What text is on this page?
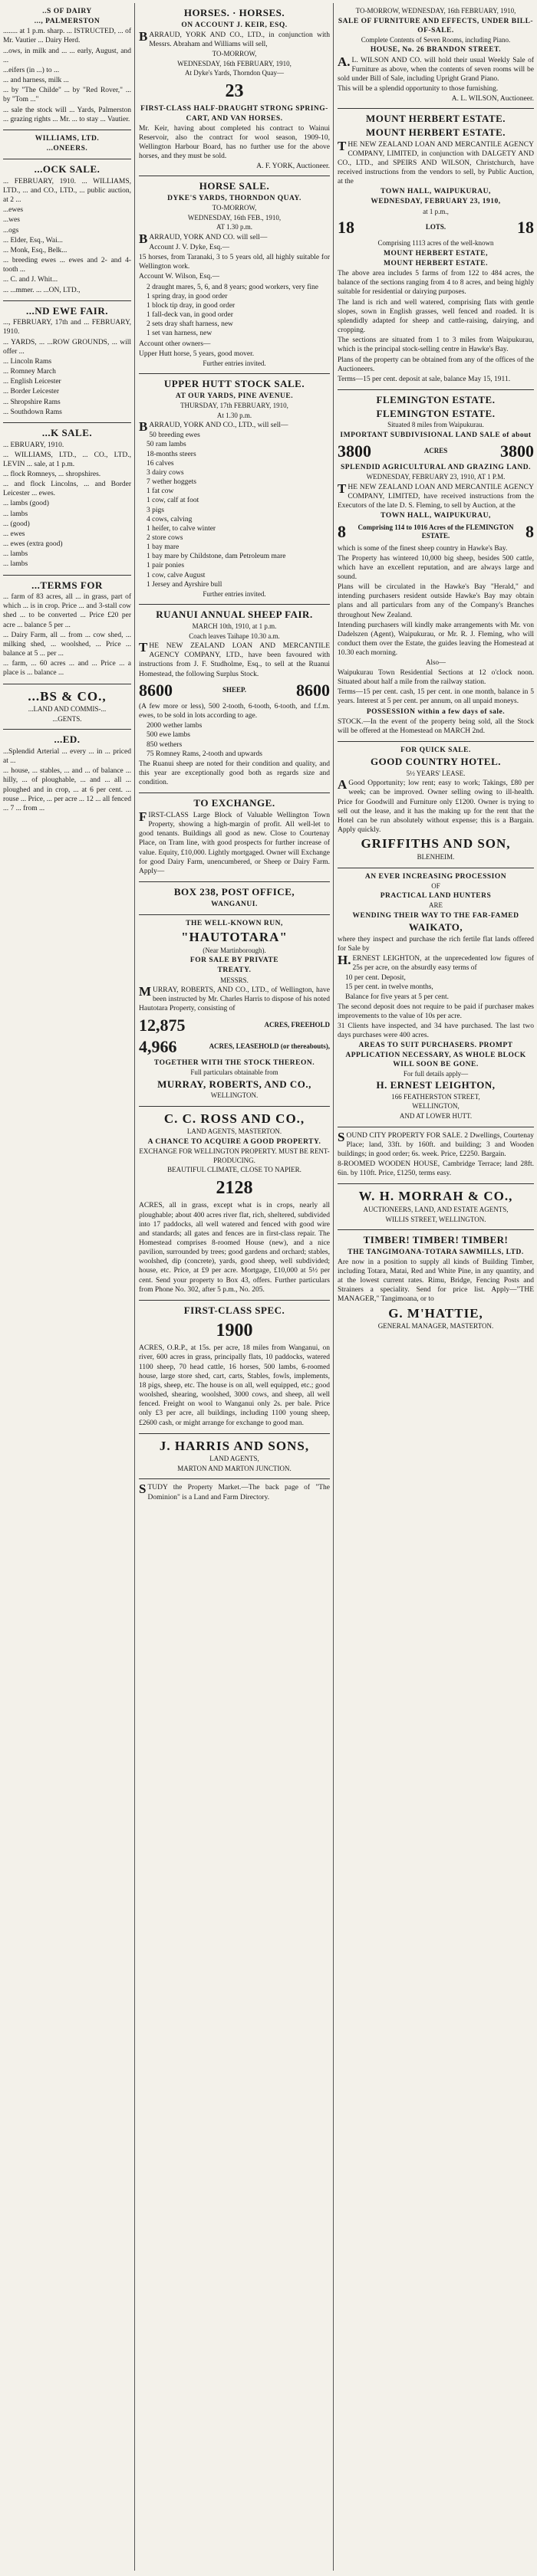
..S OF DAIRY
..., PALMERSTON
........ at 1 p.m. sharp. ... ISTRUCTED, ... of Mr. Vautier ... Dairy Herd.
...ows, in milk and ... ... early, August, and ...
...eifers (in ...) to ...
... and harness, milk ...
... by "The Childe" ... by "Red Rover," ... by "Tom ..."
... sale the stock will ... Yards, Palmerston ... grazing rights ... Mr. ... to stay ... Vautier.
WILLIAMS, LTD.
...ONEERS.
...OCK SALE.
... FEBRUARY, 1910. ... WILLIAMS, LTD., ... and CO., LTD., ... public auction, at 2 ...
...ewes
...wes
...ogs
... Elder, Esq., Wai...
... Monk, Esq., Belk...
... breeding ewes ... ewes and 2- and 4-tooth ...
... C. and J. Whit...
... ...mmer. ... ...ON, LTD.,
...ND EWE FAIR.
..., FEBRUARY, 17th and ... FEBRUARY, 1910.
... YARDS, ... ...ROW GROUNDS, ... will offer ...
... Lincoln Rams
... Romney March
... English Leicester
... Border Leicester
... Shropshire Rams
... Southdown Rams
...K SALE.
... EBRUARY, 1910.
... WILLIAMS, LTD., ... CO., LTD., LEVIN ... sale, at 1 p.m.
... flock Romneys, ... shropshires.
... and flock Lincolns, ... and Border Leicester ... ewes.
... lambs (good)
... lambs
... (good)
... ewes
... ewes (extra good)
... lambs
... lambs
...TERMS FOR
... farm of 83 acres, all ... in grass, part of which ... is in crop. Price ... and 3-stall cow shed ... to be converted ... Price £20 per acre ... balance 5 per ...
... Dairy Farm, all ... from ... cow shed, ... milking shed, ... woolshed, ... Price ... balance at 5 ... per ...
... farm, ... 60 acres ... and ... Price ... a place is ... balance ...
...BS & CO.,
...LAND AND COMMIS-...
...GENTS.
...ED.
...Splendid Arterial ... every ... in ... priced at ...
... house, ... stables, ... and ... of balance ... hilly, ... of ploughable, ... and ... all ... ploughed and in crop, ... at 6 per cent. ... rouse ... Price, ... per acre ... 12 ... all fenced ... 7 ... from ...
HORSES. · HORSES.
ON ACCOUNT J. KEIR, ESQ.
BARRAUD, YORK AND CO., LTD., in conjunction with Messrs. Abraham and Williams will sell,
TO-MORROW,
WEDNESDAY, 16th FEBRUARY, 1910,
At Dyke's Yards, Thorndon Quay—
23
FIRST-CLASS HALF-DRAUGHT STRONG SPRING-CART, AND VAN HORSES.
Mr. Keir, having about completed his contract to Wainui Reservoir, also the contract for wool season, 1909-10, Wellington Harbour Board, has no further use for the above horses, and they must be sold.
A. F. YORK, Auctioneer.
HORSE SALE.
DYKE'S YARDS, THORNDON QUAY.
TO-MORROW,
WEDNESDAY, 16th FEB., 1910,
AT 1.30 p.m.
BARRAUD, YORK AND CO. will sell—
Account J. V. Dyke, Esq.—
15 horses, from Taranaki, 3 to 5 years old, all highly suitable for Wellington work.
Account W. Wilson, Esq.—
2 draught mares, 5, 6, and 8 years; good workers, very fine
1 spring dray, in good order
1 block tip dray, in good order
1 fall-deck van, in good order
2 sets dray shaft harness, new
1 set van harness, new
Account other owners—
Upper Hutt horse, 5 years, good mover.
Further entries invited.
UPPER HUTT STOCK SALE.
AT OUR YARDS, PINE AVENUE.
THURSDAY, 17th FEBRUARY, 1910,
At 1.30 p.m.
BARRAUD, YORK AND CO., LTD., will sell—
50 breeding ewes
50 ram lambs
18-months steers
16 calves
3 dairy cows
7 wether hoggets
1 fat cow
1 cow, calf at foot
3 pigs
4 cows, calving
1 heifer, to calve winter
2 store cows
1 bay mare
1 bay mare by Childstone, dam Petroleum mare
1 pair ponies
1 cow, calve August
1 Jersey and Ayrshire bull
Further entries invited.
RUANUI ANNUAL SHEEP FAIR.
MARCH 10th, 1910, at 1 p.m.
Coach leaves Taihape 10.30 a.m.
THE NEW ZEALAND LOAN AND MERCANTILE AGENCY COMPANY, LTD., have been favoured with instructions from J. F. Studholme, Esq., to sell at the Ruanui Homestead, the following Surplus Stock.
8600	SHEEP.	8600
(A few more or less), 500 2-tooth, 6-tooth, 6-tooth, and f.f.m. ewes, to be sold in lots according to age.
2000 wether lambs
500 ewe lambs
850 wethers
75 Romney Rams, 2-tooth and upwards
The Ruanui sheep are noted for their condition and quality, and this year are exceptionally good both as regards size and condition.
TO EXCHANGE.
FIRST-CLASS Large Block of Valuable Wellington Town Property, showing a high-margin of profit. All well-let to good tenants. Buildings all good as new. Close to Courtenay Place, on Tram line, with good prospects for further increase of value. Equity, £10,000. Lightly mortgaged. Owner will Exchange for good Dairy Farm, unencumbered, or Sheep or Dairy Farm. Apply—
BOX 238, POST OFFICE,
WANGANUI.
THE WELL-KNOWN RUN,
"HAUTOTARA"
(Near Martinborough).
FOR SALE BY PRIVATE
TREATY.
MESSRS.
MURRAY, ROBERTS, AND CO., LTD., of Wellington, have been instructed by Mr. Charles Harris to dispose of his noted Hautotara Property, consisting of
12,875	ACRES, FREEHOLD
4,966	ACRES, LEASEHOLD (or thereabouts),
TOGETHER WITH THE STOCK THEREON.
Full particulars obtainable from
MURRAY, ROBERTS, AND CO.,
WELLINGTON.
C. C. ROSS AND CO.,
LAND AGENTS, MASTERTON.
A CHANCE TO ACQUIRE A GOOD PROPERTY.
EXCHANGE FOR WELLINGTON PROPERTY. MUST BE RENT-PRODUCING.
BEAUTIFUL CLIMATE, CLOSE TO NAPIER.
2128
ACRES, all in grass, except what is in crops, nearly all ploughable; about 400 acres river flat, rich, sheltered, subdivided into 17 paddocks, all well watered and fenced with good wire and standards; all gates and fences are in first-class repair. The Homestead comprises 8-roomed House (new), and a nice pavilion, surrounded by trees; good gardens and orchard; stables, woolshed, dip (concrete), yards, good sheep, well subdivided; house, etc. Price, at £9 per acre. Mortgage, £10,000 at 5½ per cent. Send your property to Box 43, offers. Further particulars from Phone No. 302, after 5 p.m., No. 205.
FIRST-CLASS SPEC.
1900
ACRES, O.R.P., at 15s. per acre, 18 miles from Wanganui, on river, 600 acres in grass, principally flats, 10 paddocks, watered 1100 sheep, 70 head cattle, 16 horses, 500 lambs, 6-roomed house, large store shed, cart, carts, Stables, fowls, implements, 18 pigs, sheep, etc. The house is on all, well equipped, etc.; good woolshed, shearing, woolshed, 3000 cows, and sheep, all well fenced. Freight on wool to Wanganui only 2s. per bale. Price only £3 per acre, all buildings, including 1100 young sheep, £2600 cash, or might arrange for exchange to good man.
J. HARRIS AND SONS,
LAND AGENTS,
MARTON AND MARTON JUNCTION.
STUDY the Property Market.—The back page of "The Dominion" is a Land and Farm Directory.
TO-MORROW, WEDNESDAY, 16th FEBRUARY, 1910,
SALE OF FURNITURE AND EFFECTS, UNDER BILL-OF-SALE.
Complete Contents of Seven Rooms, including Piano.
HOUSE, No. 26 BRANDON STREET.
A.L. WILSON AND CO. will hold their usual Weekly Sale of Furniture as above, when the contents of seven rooms will be sold under Bill of Sale, including Upright Grand Piano.
This will be a splendid opportunity to those furnishing.
A. L. WILSON, Auctioneer.
MOUNT HERBERT ESTATE.
MOUNT HERBERT ESTATE.
THE NEW ZEALAND LOAN AND MERCANTILE AGENCY COMPANY, LIMITED, in conjunction with DALGETY AND CO., LTD., and SPEIRS AND WILSON, Christchurch, have received instructions from the vendors to sell, by Public Auction, at the
TOWN HALL, WAIPUKURAU,
WEDNESDAY, FEBRUARY 23, 1910,
at 1 p.m.,
18	LOTS.	18
Comprising 1113 acres of the well-known
MOUNT HERBERT ESTATE,
MOUNT HERBERT ESTATE.
The above area includes 5 farms of from 122 to 484 acres, the balance of the sections ranging from 4 to 8 acres, and being highly suitable for residential or dairying purposes.
The land is rich and well watered, comprising flats with gentle slopes, sown in English grasses, well fenced and roaded. It is splendidly adapted for sheep and cattle-raising, dairying, and cropping.
The sections are situated from 1 to 3 miles from Waipukurau, which is the principal stock-selling centre in Hawke's Bay.
Plans of the property can be obtained from any of the offices of the Auctioneers.
Terms—15 per cent. deposit at sale, balance May 15, 1911.
FLEMINGTON ESTATE.
FLEMINGTON ESTATE.
Situated 8 miles from Waipukurau.
IMPORTANT SUBDIVISIONAL LAND SALE of about
3800	ACRES	3800
SPLENDID AGRICULTURAL AND GRAZING LAND.
WEDNESDAY, FEBRUARY 23, 1910, AT 1 P.M.
THE NEW ZEALAND LOAN AND MERCANTILE AGENCY COMPANY, LIMITED, have received instructions from the Executors of the late D. S. Fleming, to sell by Auction, at the
TOWN HALL, WAIPUKURAU,
8	Comprising 114 to 1016 Acres of the FLEMINGTON ESTATE.	8
which is some of the finest sheep country in Hawke's Bay.
The Property has wintered 10,000 big sheep, besides 500 cattle, which have an excellent reputation, and are always large and sound.
Plans will be circulated in the Hawke's Bay "Herald," and intending purchasers resident outside Hawke's Bay may obtain plans and all particulars from any of the Company's Branches throughout New Zealand.
Intending purchasers will kindly make arrangements with Mr. von Dadelszen (Agent), Waipukurau, or Mr. R. J. Fleming, who will conduct them over the Estate, the guides leaving the Homestead at 10.30 each morning.
Also—
Waipukurau Town Residential Sections at 12 o'clock noon. Situated about half a mile from the railway station.
Terms—15 per cent. cash, 15 per cent. in one month, balance in 5 years. Interest at 5 per cent. per annum, on all unpaid moneys.
POSSESSION within a few days of sale.
STOCK.—In the event of the property being sold, all the Stock will be offered at the Homestead on MARCH 2nd.
FOR QUICK SALE.
GOOD COUNTRY HOTEL.
5½ YEARS' LEASE.
AGood Opportunity; low rent; easy to work; Takings, £80 per week; can be improved. Owner selling owing to ill-health. Price for Goodwill and Furniture only £1200. Owner is trying to sell out the lease, and it has the making up for the rent that the Hotel can be run absolutely without expense; this is a Bargain. Apply quickly.
GRIFFITHS AND SON,
BLENHEIM.
AN EVER INCREASING PROCESSION
OF
PRACTICAL LAND HUNTERS
ARE
WENDING THEIR WAY TO THE FAR-FAMED
WAIKATO,
where they inspect and purchase the rich fertile flat lands offered for Sale by
H.ERNEST LEIGHTON, at the unprecedented low figures of 25s per acre, on the absurdly easy terms of
10 per cent. Deposit,
15 per cent. in twelve months,
Balance for five years at 5 per cent.
The second deposit does not require to be paid if purchaser makes improvements to the value of 10s per acre.
31 Clients have inspected, and 34 have purchased. The last two days purchases were 400 acres.
AREAS TO SUIT PURCHASERS. PROMPT APPLICATION NECESSARY, AS WHOLE BLOCK WILL SOON BE GONE.
For full details apply—
H. ERNEST LEIGHTON,
166 FEATHERSTON STREET,
WELLINGTON,
AND AT LOWER HUTT.
SOUND CITY PROPERTY FOR SALE. 2 Dwellings, Courtenay Place; land, 33ft. by 160ft. and building; 3 and Wooden buildings; in good order; 6s. week. Price, £2250. Bargain.
8-ROOMED WOODEN HOUSE, Cambridge Terrace; land 28ft. 6in. by 110ft. Price, £1250, terms easy.
W. H. MORRAH & CO.,
AUCTIONEERS, LAND, AND ESTATE AGENTS,
WILLIS STREET, WELLINGTON.
TIMBER! TIMBER! TIMBER!
THE TANGIMOANA-TOTARA SAWMILLS, LTD.
Are now in a position to supply all kinds of Building Timber, including Totara, Matai, Red and White Pine, in any quantity, and at the lowest current rates. Rimu, Bridge, Fencing Posts and Strainers a speciality. Send for price list. Apply—"THE MANAGER," Tangimoana, or to
G. M'HATTIE,
GENERAL MANAGER, MASTERTON.
